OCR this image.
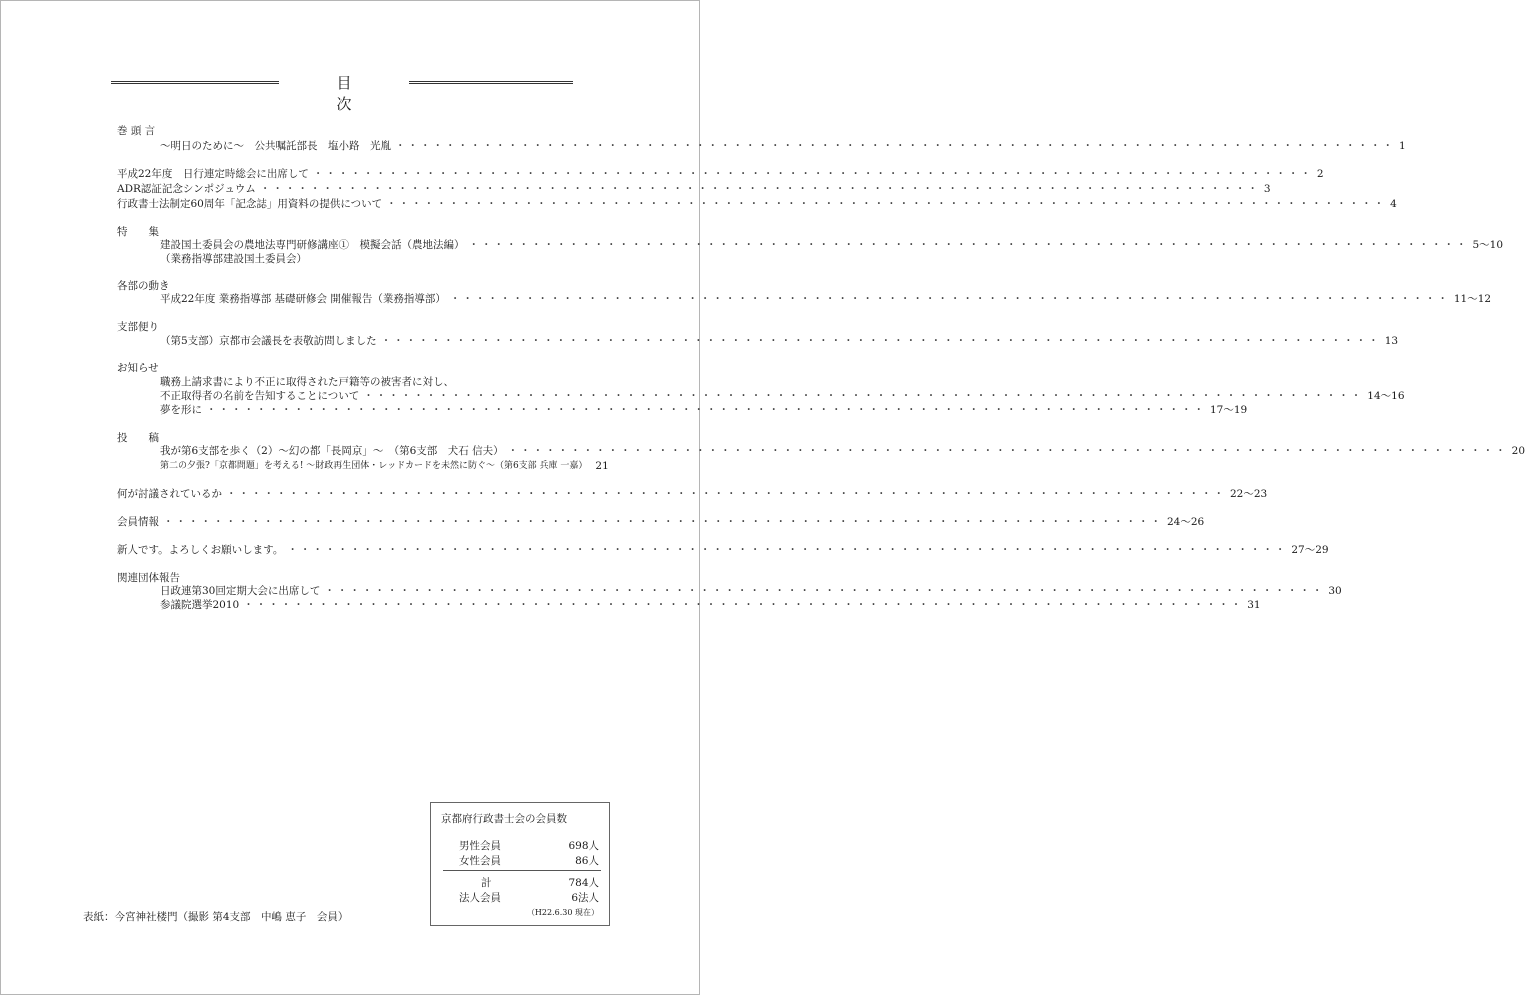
目　次
巻 頭 言
～明日のために～　公共嘱託部長　塩小路　光胤 ・・・・・・・・・・・・・・・・・・・・・・・・・・・・・・・・・・・・・・・・・・・・・・・・・・・・・・・・・・・・・・・・・・・・・・・・・・・・・・・・ 1
平成22年度　日行連定時総会に出席して ・・・・・・・・・・・・・・・・・・・・・・・・・・・・・・・・・・・・・・・・・・・・・・・・・・・・・・・・・・・・・・・・・・・・・・・・・・・・・・・・ 2
ADR認証記念シンポジュウム ・・・・・・・・・・・・・・・・・・・・・・・・・・・・・・・・・・・・・・・・・・・・・・・・・・・・・・・・・・・・・・・・・・・・・・・・・・・・・・・・ 3
行政書士法制定60周年「記念誌」用資料の提供について ・・・・・・・・・・・・・・・・・・・・・・・・・・・・・・・・・・・・・・・・・・・・・・・・・・・・・・・・・・・・・・・・・・・・・・・・・・・・・・・・ 4
特　　集
建設国土委員会の農地法専門研修講座①　模擬会話（農地法編） ・・・・・・・・・・・・・・・・・・・・・・・・・・・・・・・・・・・・・・・・・・・・・・・・・・・・・・・・・・・・・・・・・・・・・・・・・・・・・・・・ 5～10
（業務指導部建設国土委員会）
各部の動き
平成22年度 業務指導部 基礎研修会 開催報告（業務指導部） ・・・・・・・・・・・・・・・・・・・・・・・・・・・・・・・・・・・・・・・・・・・・・・・・・・・・・・・・・・・・・・・・・・・・・・・・・・・・・・・・ 11～12
支部便り
（第5支部）京都市会議長を表敬訪問しました ・・・・・・・・・・・・・・・・・・・・・・・・・・・・・・・・・・・・・・・・・・・・・・・・・・・・・・・・・・・・・・・・・・・・・・・・・・・・・・・・ 13
お知らせ
職務上請求書により不正に取得された戸籍等の被害者に対し、
不正取得者の名前を告知することについて ・・・・・・・・・・・・・・・・・・・・・・・・・・・・・・・・・・・・・・・・・・・・・・・・・・・・・・・・・・・・・・・・・・・・・・・・・・・・・・・・ 14～16
夢を形に ・・・・・・・・・・・・・・・・・・・・・・・・・・・・・・・・・・・・・・・・・・・・・・・・・・・・・・・・・・・・・・・・・・・・・・・・・・・・・・・・ 17～19
投　　稿
我が第6支部を歩く（2）～幻の都「長岡京」～　（第6支部　犬石 信夫） ・・・・・・・・・・・・・・・・・・・・・・・・・・・・・・・・・・・・・・・・・・・・・・・・・・・・・・・・・・・・・・・・・・・・・・・・・・・・・・・・ 20
第二の夕張?「京都問題」を考える! ～財政再生団体・レッドカードを未然に防ぐ～（第6支部 兵庫 一嘉） 21
何が討議されているか ・・・・・・・・・・・・・・・・・・・・・・・・・・・・・・・・・・・・・・・・・・・・・・・・・・・・・・・・・・・・・・・・・・・・・・・・・・・・・・・・ 22～23
会員情報 ・・・・・・・・・・・・・・・・・・・・・・・・・・・・・・・・・・・・・・・・・・・・・・・・・・・・・・・・・・・・・・・・・・・・・・・・・・・・・・・・ 24～26
新人です。よろしくお願いします。 ・・・・・・・・・・・・・・・・・・・・・・・・・・・・・・・・・・・・・・・・・・・・・・・・・・・・・・・・・・・・・・・・・・・・・・・・・・・・・・・・ 27～29
関連団体報告
日政連第30回定期大会に出席して ・・・・・・・・・・・・・・・・・・・・・・・・・・・・・・・・・・・・・・・・・・・・・・・・・・・・・・・・・・・・・・・・・・・・・・・・・・・・・・・・ 30
参議院選挙2010 ・・・・・・・・・・・・・・・・・・・・・・・・・・・・・・・・・・・・・・・・・・・・・・・・・・・・・・・・・・・・・・・・・・・・・・・・・・・・・・・・ 31
京都府行政書士会の会員数
男性会員	698人
女性会員	86人
計	784人
法人会員	6法人
（H22.6.30 現在）
表紙：今宮神社楼門（撮影 第4支部　中嶋 恵子　会員）
